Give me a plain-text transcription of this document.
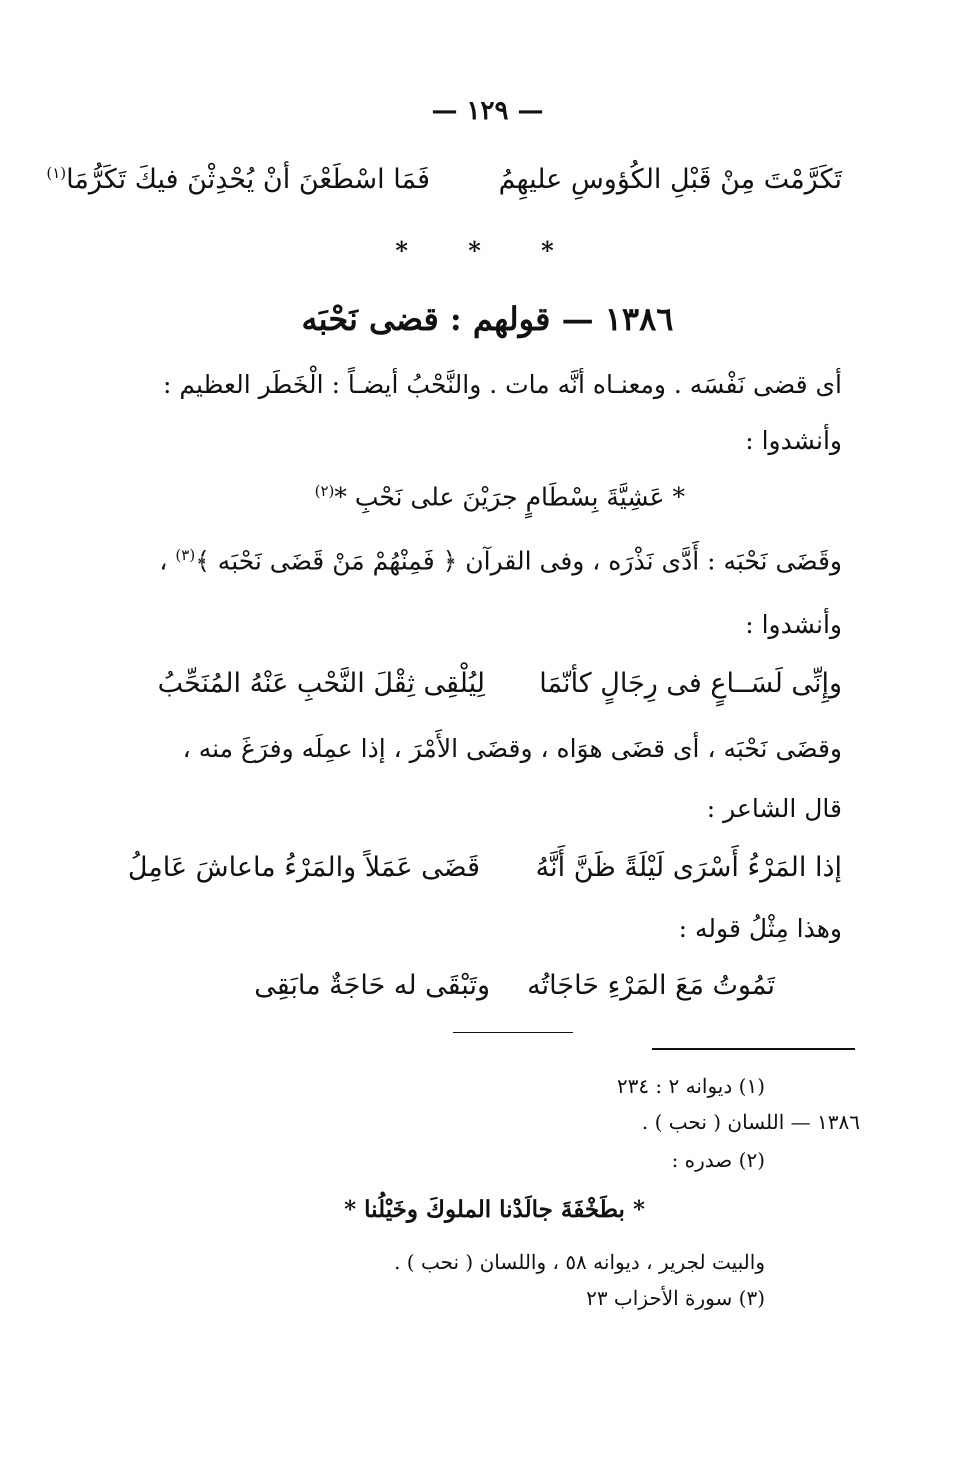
— ١٢٩ —
تَكَرَّمْتَ مِنْ قَبْلِ الكُؤوسِ عليهِمُ
فَمَا اسْطَعْنَ أنْ يُحْدِثْنَ فيكَ تَكَرُّمَا$^{(١)}$
* * *
١٣٨٦ — قولهم : قضى نَحْبَه
أى قضى نَفْسَه . ومعنـاه أنَّه مات . والنَّحْبُ أيضـاً : الْخَطَر العظيم :
وأنشدوا :
* عَشِيَّةَ بِسْطَامٍ جرَيْنَ على نَحْبِ *$^{(٢)}$
وقَضَى نَحْبَه : أَدَّى نَذْرَه ، وفى القرآن ﴿ فَمِنْهُمْ مَنْ قَضَى نَحْبَه ﴾$^{(٣)}$ ،
وأنشدوا :
وإِنِّى لَسَــاعٍ فى رِجَالٍ كأنّمَا
لِيُلْقِى ثِقْلَ النَّحْبِ عَنْهُ المُنَحِّبُ
وقضَى نَحْبَه ، أى قضَى هوَاه ، وقضَى الأَمْرَ ، إذا عمِلَه وفرَغَ منه ،
قال الشاعر :
إذا المَرْءُ أَسْرَى لَيْلَةً ظَنَّ أَنَّهُ
قَضَى عَمَلاً والمَرْءُ ماعاشَ عَامِلُ
وهذا مِثْلُ قوله :
تَمُوتُ مَعَ المَرْءِ حَاجَاتُه
وتَبْقَى له حَاجَةٌ مابَقِى
(١) ديوانه ٢ : ٢٣٤
١٣٨٦ — اللسان ( نحب ) .
(٢) صدره :
* بطَخْفَةَ جالَدْنا الملوكَ وخَيْلُنا *
والبيت لجرير ، ديوانه ٥٨ ، واللسان ( نحب ) .
(٣) سورة الأحزاب ٢٣
